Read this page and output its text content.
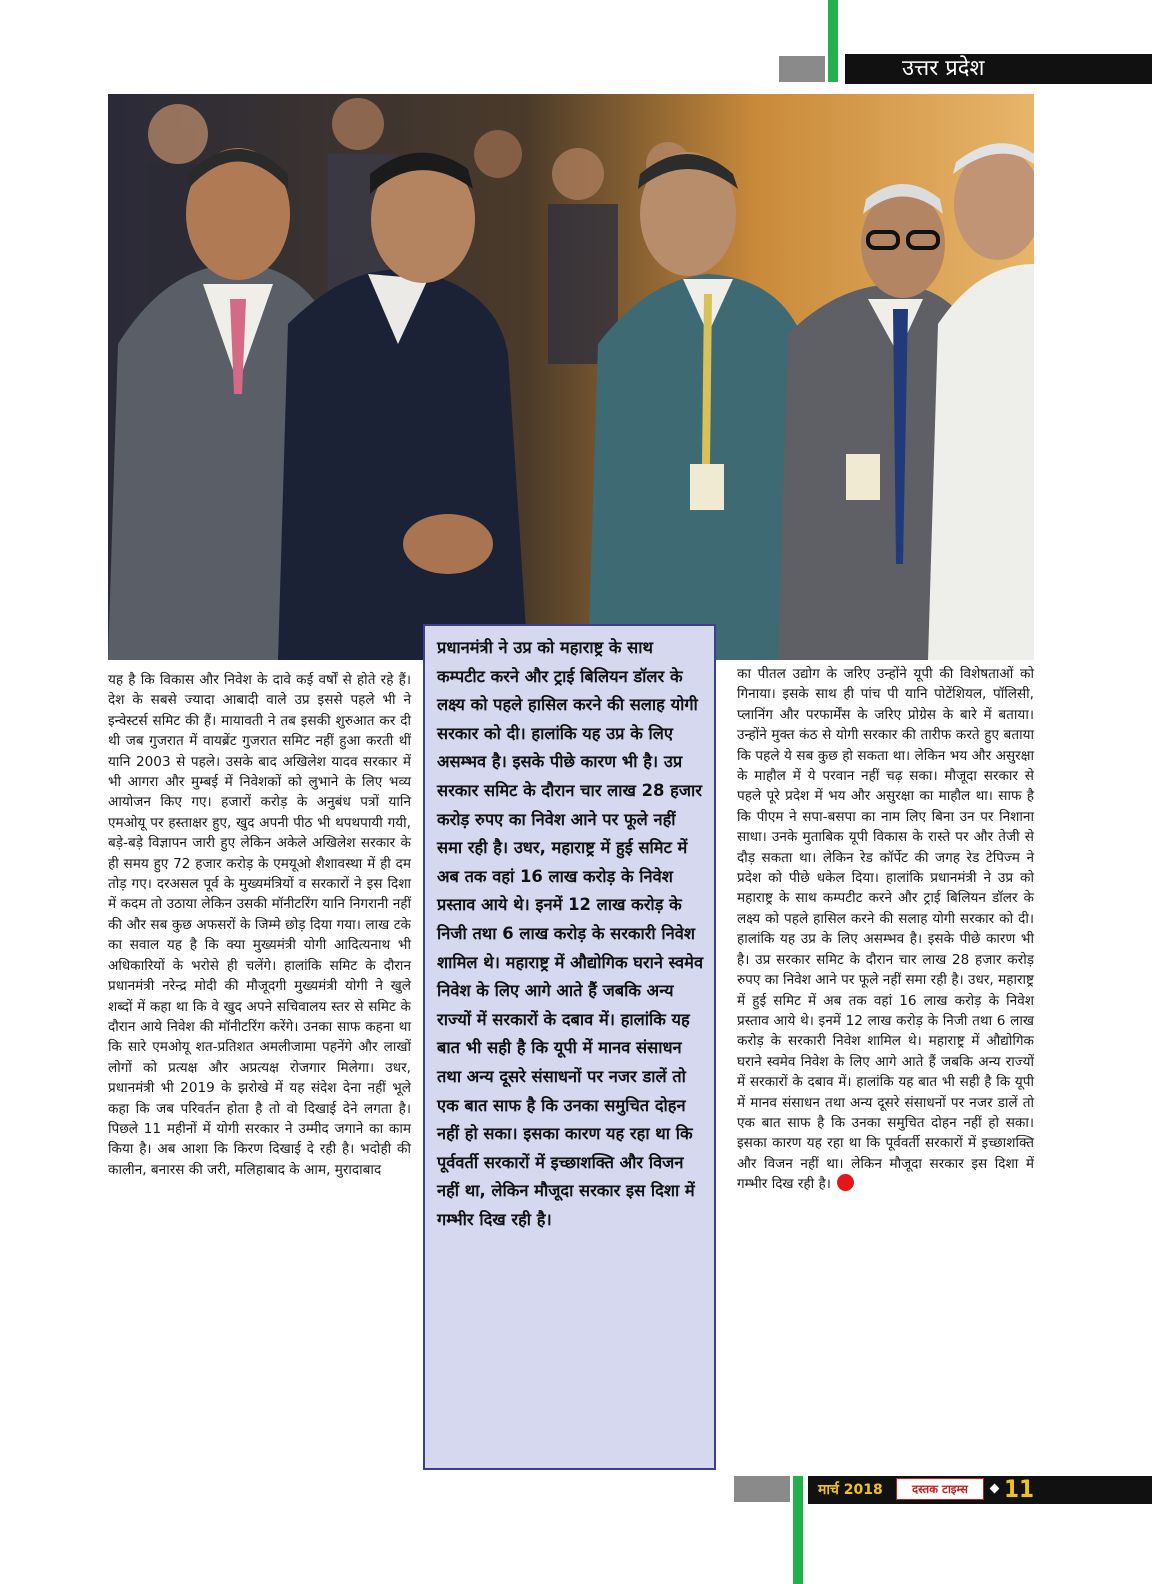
उत्तर प्रदेश
यह है कि विकास और निवेश के दावे कई वर्षों से होते रहे हैं। देश के सबसे ज्यादा आबादी वाले उप्र इससे पहले भी ने इन्वेस्टर्स समिट की हैं। मायावती ने तब इसकी शुरुआत कर दी थी जब गुजरात में वायब्रेंट गुजरात समिट नहीं हुआ करती थीं यानि 2003 से पहले। उसके बाद अखिलेश यादव सरकार में भी आगरा और मुम्बई में निवेशकों को लुभाने के लिए भव्य आयोजन किए गए। हजारों करोड़ के अनुबंध पत्रों यानि एमओयू पर हस्ताक्षर हुए, खुद अपनी पीठ भी थपथपायी गयी, बड़े-बड़े विज्ञापन जारी हुए लेकिन अकेले अखिलेश सरकार के ही समय हुए 72 हजार करोड़ के एमयूओ शैशावस्था में ही दम तोड़ गए। दरअसल पूर्व के मुख्यमंत्रियों व सरकारों ने इस दिशा में कदम तो उठाया लेकिन उसकी मॉनीटरिंग यानि निगरानी नहीं की और सब कुछ अफसरों के जिम्मे छोड़ दिया गया। लाख टके का सवाल यह है कि क्या मुख्यमंत्री योगी आदित्यनाथ भी अधिकारियों के भरोसे ही चलेंगे। हालांकि समिट के दौरान प्रधानमंत्री नरेन्द्र मोदी की मौजूदगी मुख्यमंत्री योगी ने खुले शब्दों में कहा था कि वे खुद अपने सचिवालय स्तर से समिट के दौरान आये निवेश की मॉनीटरिंग करेंगे। उनका साफ कहना था कि सारे एमओयू शत-प्रतिशत अमलीजामा पहनेंगे और लाखों लोगों को प्रत्यक्ष और अप्रत्यक्ष रोजगार मिलेगा। उधर, प्रधानमंत्री भी 2019 के झरोखे में यह संदेश देना नहीं भूले कहा कि जब परिवर्तन होता है तो वो दिखाई देने लगता है। पिछले 11 महीनों में योगी सरकार ने उम्मीद जगाने का काम किया है। अब आशा कि किरण दिखाई दे रही है। भदोही की कालीन, बनारस की जरी, मलिहाबाद के आम, मुरादाबाद
प्रधानमंत्री ने उप्र को महाराष्ट्र के साथ कम्पटीट करने और ट्राई बिलियन डॉलर के लक्ष्य को पहले हासिल करने की सलाह योगी सरकार को दी। हालांकि यह उप्र के लिए असम्भव है। इसके पीछे कारण भी है। उप्र सरकार समिट के दौरान चार लाख 28 हजार करोड़ रुपए का निवेश आने पर फूले नहीं समा रही है। उधर, महाराष्ट्र में हुई समिट में अब तक वहां 16 लाख करोड़ के निवेश प्रस्ताव आये थे। इनमें 12 लाख करोड़ के निजी तथा 6 लाख करोड़ के सरकारी निवेश शामिल थे। महाराष्ट्र में औद्योगिक घराने स्वमेव निवेश के लिए आगे आते हैं जबकि अन्य राज्यों में सरकारों के दबाव में। हालांकि यह बात भी सही है कि यूपी में मानव संसाधन तथा अन्य दूसरे संसाधनों पर नजर डालें तो एक बात साफ है कि उनका समुचित दोहन नहीं हो सका। इसका कारण यह रहा था कि पूर्ववर्ती सरकारों में इच्छाशक्ति और विजन नहीं था, लेकिन मौजूदा सरकार इस दिशा में गम्भीर दिख रही है।
का पीतल उद्योग के जरिए उन्होंने यूपी की विशेषताओं को गिनाया। इसके साथ ही पांच पी यानि पोटेंशियल, पॉलिसी, प्लानिंग और परफार्मेंस के जरिए प्रोग्रेस के बारे में बताया। उन्होंने मुक्त कंठ से योगी सरकार की तारीफ करते हुए बताया कि पहले ये सब कुछ हो सकता था। लेकिन भय और असुरक्षा के माहौल में ये परवान नहीं चढ़ सका। मौजूदा सरकार से पहले पूरे प्रदेश में भय और असुरक्षा का माहौल था। साफ है कि पीएम ने सपा-बसपा का नाम लिए बिना उन पर निशाना साधा। उनके मुताबिक यूपी विकास के रास्ते पर और तेजी से दौड़ सकता था। लेकिन रेड कॉर्पेट की जगह रेड टेपिज्म ने प्रदेश को पीछे धकेल दिया। हालांकि प्रधानमंत्री ने उप्र को महाराष्ट्र के साथ कम्पटीट करने और ट्राई बिलियन डॉलर के लक्ष्य को पहले हासिल करने की सलाह योगी सरकार को दी। हालांकि यह उप्र के लिए असम्भव है। इसके पीछे कारण भी है। उप्र सरकार समिट के दौरान चार लाख 28 हजार करोड़ रुपए का निवेश आने पर फूले नहीं समा रही है। उधर, महाराष्ट्र में हुई समिट में अब तक वहां 16 लाख करोड़ के निवेश प्रस्ताव आये थे। इनमें 12 लाख करोड़ के निजी तथा 6 लाख करोड़ के सरकारी निवेश शामिल थे। महाराष्ट्र में औद्योगिक घराने स्वमेव निवेश के लिए आगे आते हैं जबकि अन्य राज्यों में सरकारों के दबाव में। हालांकि यह बात भी सही है कि यूपी में मानव संसाधन तथा अन्य दूसरे संसाधनों पर नजर डालें तो एक बात साफ है कि उनका समुचित दोहन नहीं हो सका। इसका कारण यह रहा था कि पूर्ववर्ती सरकारों में इच्छाशक्ति और विजन नहीं था। लेकिन मौजूदा सरकार इस दिशा में गम्भीर दिख रही है।
मार्च 2018	दस्तक टाइम्स	11
